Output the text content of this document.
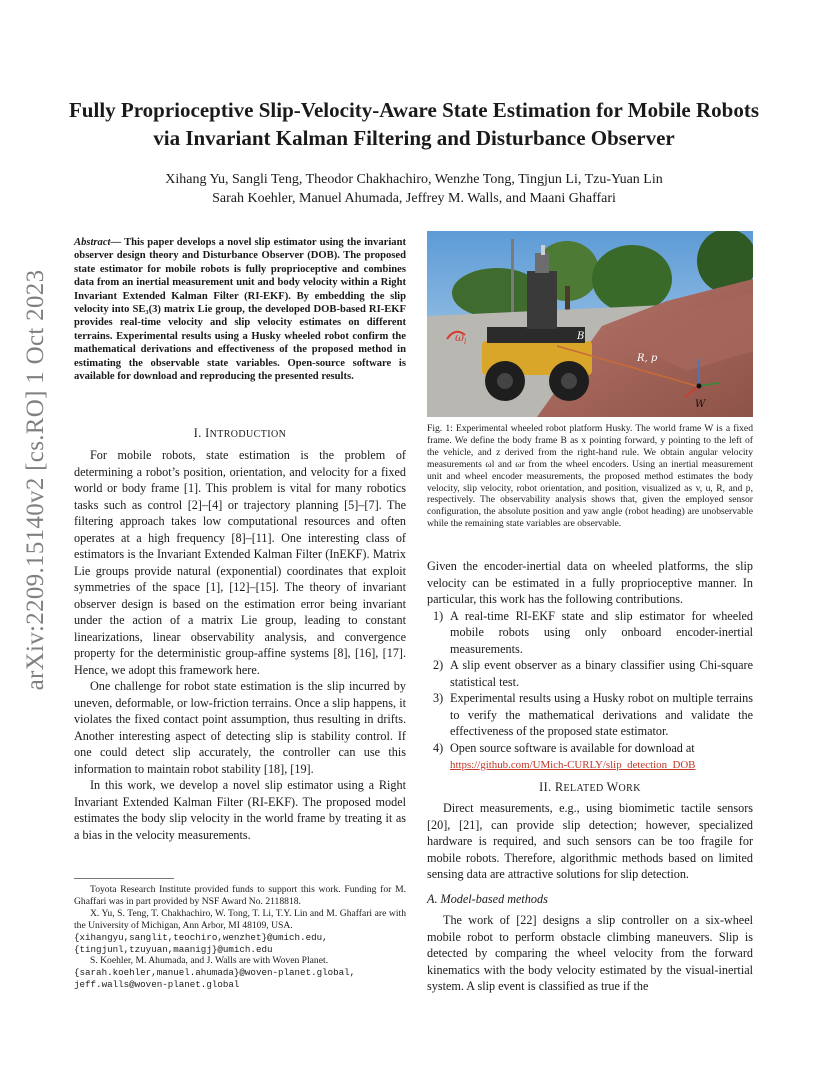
Fully Proprioceptive Slip-Velocity-Aware State Estimation for Mobile Robots via Invariant Kalman Filtering and Disturbance Observer
Xihang Yu, Sangli Teng, Theodor Chakhachiro, Wenzhe Tong, Tingjun Li, Tzu-Yuan Lin
Sarah Koehler, Manuel Ahumada, Jeffrey M. Walls, and Maani Ghaffari
arXiv:2209.15140v2 [cs.RO] 1 Oct 2023
Abstract— This paper develops a novel slip estimator using the invariant observer design theory and Disturbance Observer (DOB). The proposed state estimator for mobile robots is fully proprioceptive and combines data from an inertial measurement unit and body velocity within a Right Invariant Extended Kalman Filter (RI-EKF). By embedding the slip velocity into SE₃(3) matrix Lie group, the developed DOB-based RI-EKF provides real-time velocity and slip velocity estimates on different terrains. Experimental results using a Husky wheeled robot confirm the mathematical derivations and effectiveness of the proposed method in estimating the observable state variables. Open-source software is available for download and reproducing the presented results.
I. INTRODUCTION

For mobile robots, state estimation is the problem of determining a robot’s position, orientation, and velocity for a fixed world or body frame [1]. This problem is vital for many robotics tasks such as control [2]–[4] or trajectory planning [5]–[7]. The filtering approach takes low computational resources and often operates at a high frequency [8]–[11]. One interesting class of estimators is the Invariant Extended Kalman Filter (InEKF). Matrix Lie groups provide natural (exponential) coordinates that exploit symmetries of the space [1], [12]–[15]. The theory of invariant observer design is based on the estimation error being invariant under the action of a matrix Lie group, leading to constant linearizations, linear observability analysis, and convergence property for the deterministic group-affine systems [8], [16], [17]. Hence, we adopt this framework here.

One challenge for robot state estimation is the slip incurred by uneven, deformable, or low-friction terrains. Once a slip happens, it violates the fixed contact point assumption, thus resulting in drifts. Another interesting aspect of detecting slip is stability control. If one could detect slip accurately, the controller can use this information to maintain robot stability [18], [19].

In this work, we develop a novel slip estimator using a Right Invariant Extended Kalman Filter (RI-EKF). The proposed model estimates the body slip velocity in the world frame by treating it as a bias in the velocity measurements.

Toyota Research Institute provided funds to support this work. Funding for M. Ghaffari was in part provided by NSF Award No. 2118818.
X. Yu, S. Teng, T. Chakhachiro, W. Tong, T. Li, T.Y. Lin and M. Ghaffari are with the University of Michigan, Ann Arbor, MI 48109, USA.
{xihangyu,sanglit,teochiro,wenzhet}@umich.edu, {tingjunl,tzuyuan,maanigj}@umich.edu
S. Koehler, M. Ahumada, and J. Walls are with Woven Planet.
{sarah.koehler,manuel.ahumada}@woven-planet.global, jeff.walls@woven-planet.global
$\omega_l$	B
R, p
W
Fig. 1: Experimental wheeled robot platform Husky. The world frame W is a fixed frame. We define the body frame B as x pointing forward, y pointing to the left of the vehicle, and z derived from the right-hand rule. We obtain angular velocity measurements ωl and ωr from the wheel encoders. Using an inertial measurement unit and wheel encoder measurements, the proposed method estimates the body velocity, slip velocity, robot orientation, and position, visualized as v, u, R, and p, respectively. The observability analysis shows that, given the employed sensor configuration, the absolute position and yaw angle (robot heading) are unobservable while the remaining state variables are observable.

Given the encoder-inertial data on wheeled platforms, the slip velocity can be estimated in a fully proprioceptive manner. In particular, this work has the following contributions.

1) A real-time RI-EKF state and slip estimator for wheeled mobile robots using only onboard encoder-inertial measurements.
2) A slip event observer as a binary classifier using Chi-square statistical test.
3) Experimental results using a Husky robot on multiple terrains to verify the mathematical derivations and validate the effectiveness of the proposed state estimator.
4) Open source software is available for download at
https://github.com/UMich-CURLY/slip_detection_DOB
II. RELATED WORK

Direct measurements, e.g., using biomimetic tactile sensors [20], [21], can provide slip detection; however, specialized hardware is required, and such sensors can be too fragile for mobile robots. Therefore, algorithmic methods based on limited sensing data are attractive solutions for slip detection.

A. Model-based methods

The work of [22] designs a slip controller on a six-wheel mobile robot to perform obstacle climbing maneuvers. Slip is detected by comparing the wheel velocity from the forward kinematics with the body velocity estimated by the visual-inertial system. A slip event is classified as true if the
